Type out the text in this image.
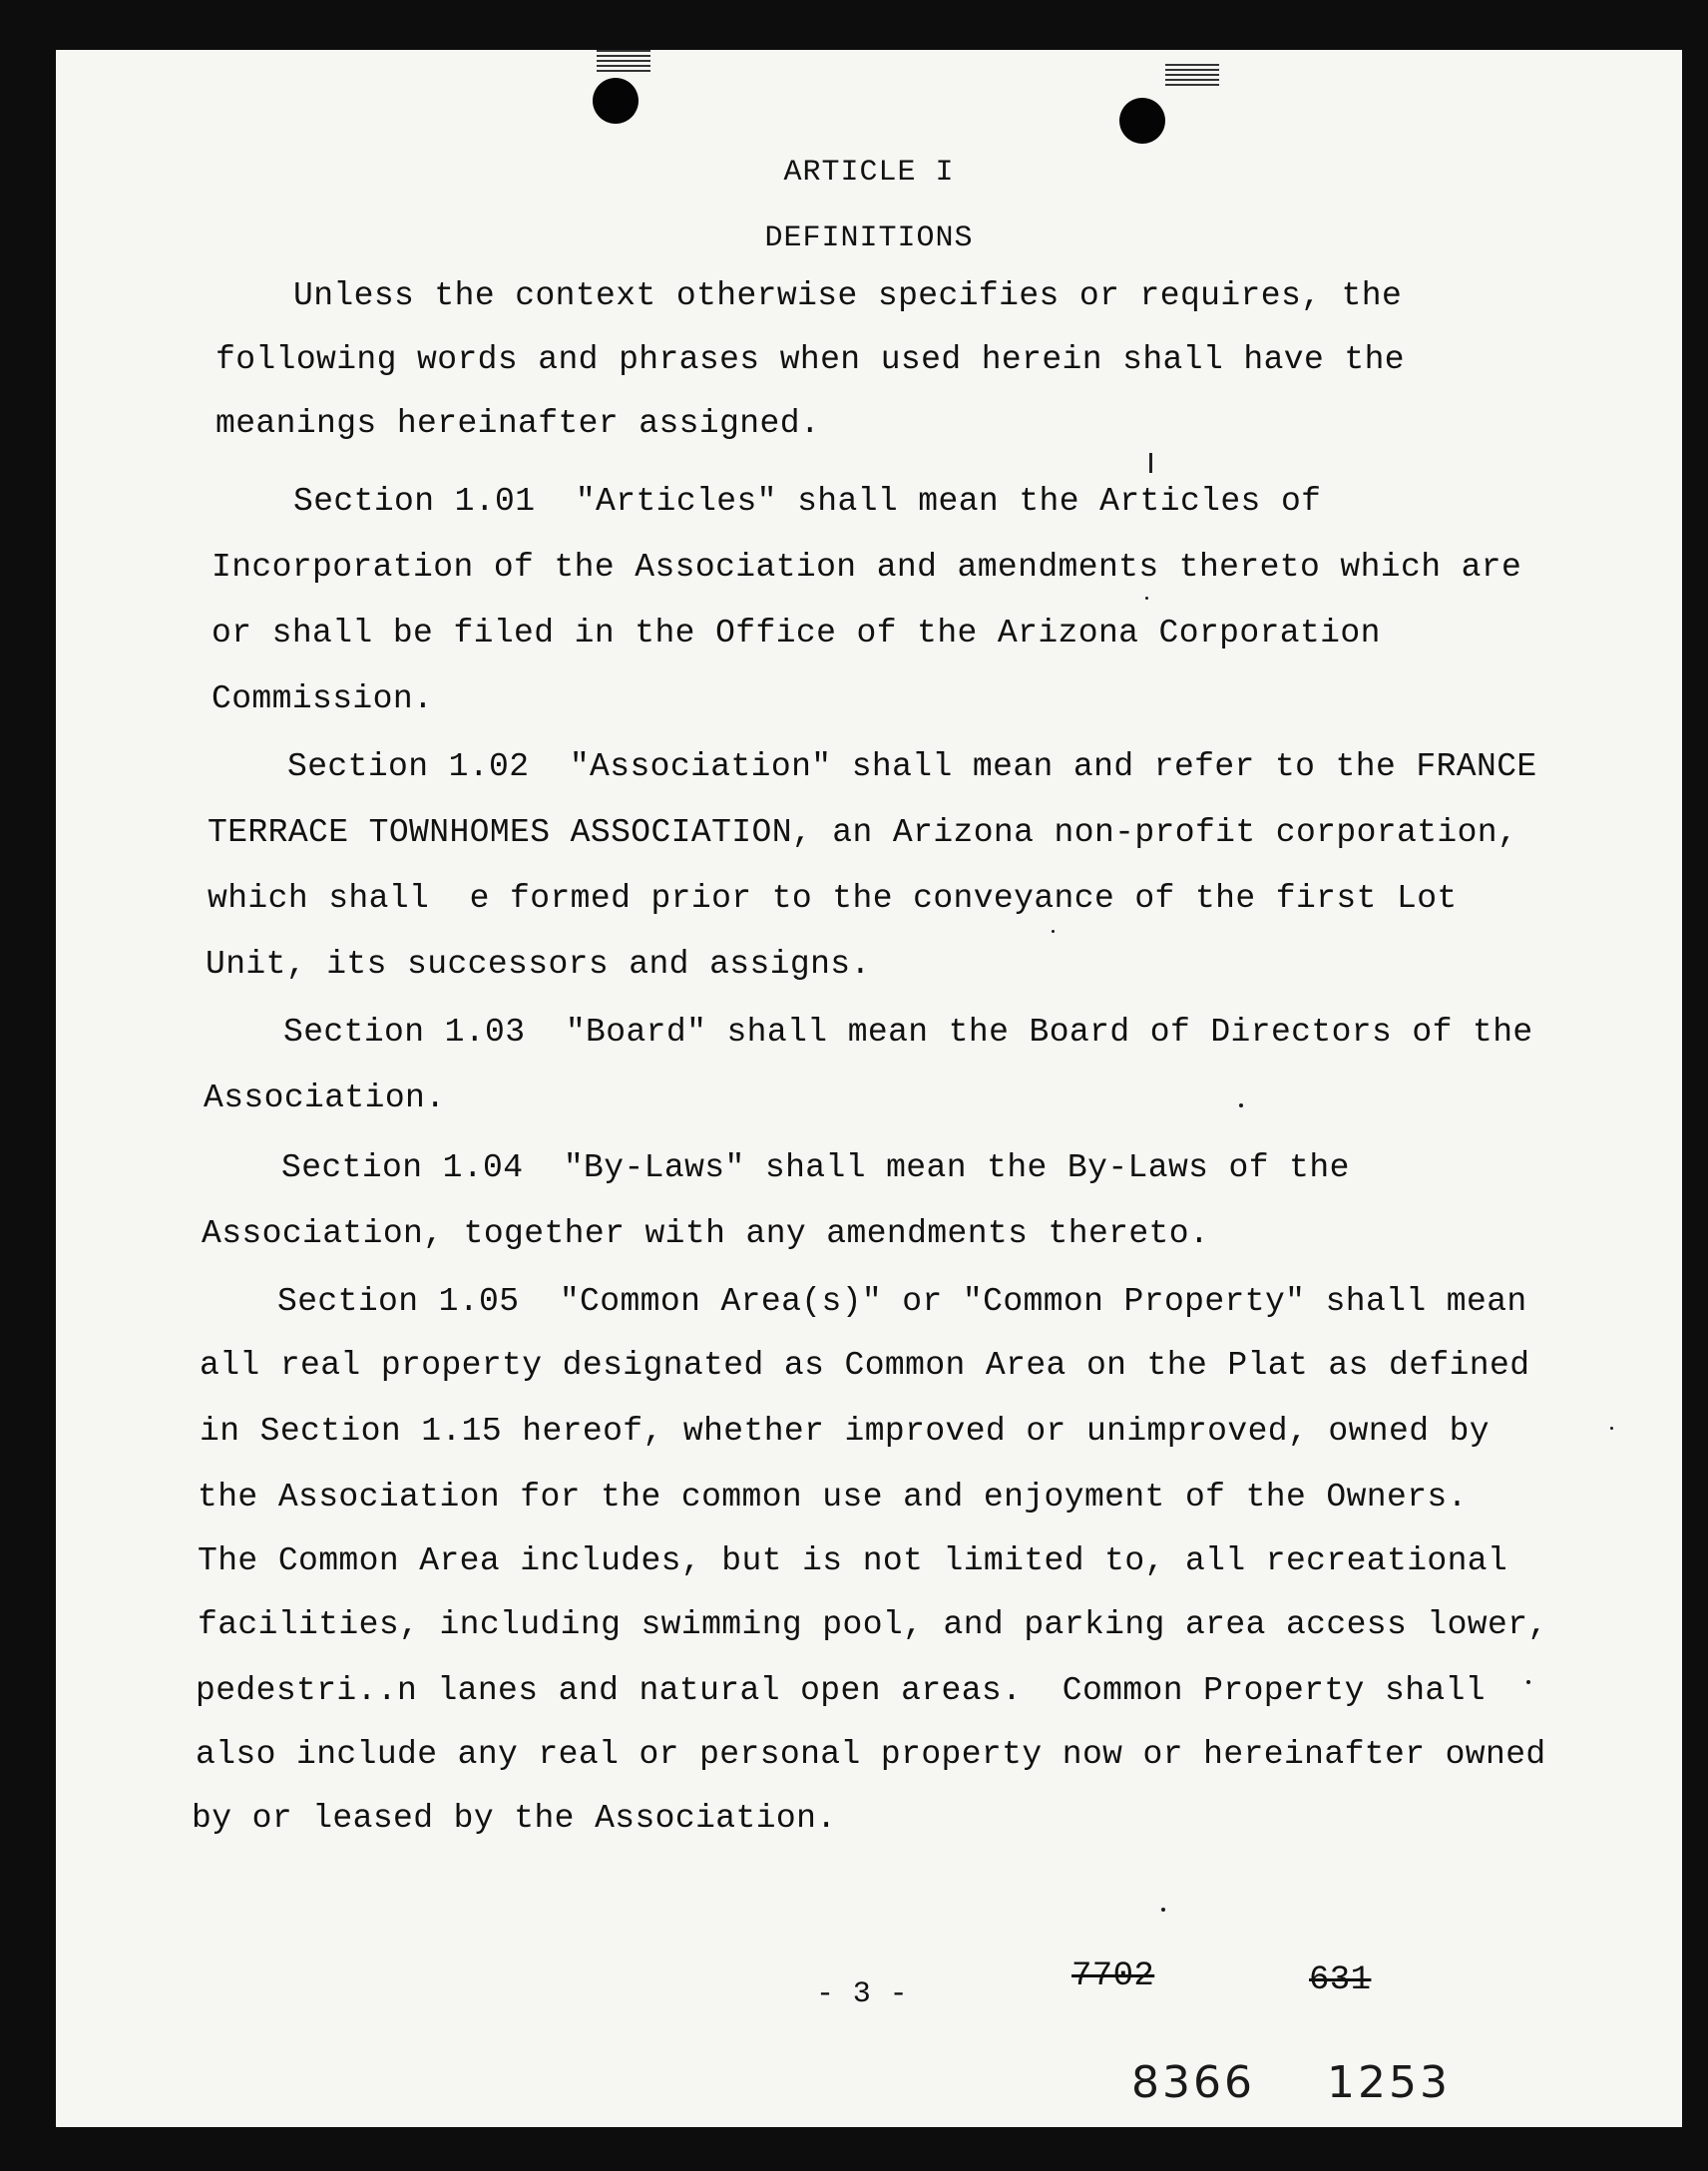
ARTICLE I
DEFINITIONS
Unless the context otherwise specifies or requires, the
following words and phrases when used herein shall have the
meanings hereinafter assigned.
Section 1.01  "Articles" shall mean the Articles of
Incorporation of the Association and amendments thereto which are
or shall be filed in the Office of the Arizona Corporation
Commission.
Section 1.02  "Association" shall mean and refer to the FRANCE
TERRACE TOWNHOMES ASSOCIATION, an Arizona non-profit corporation,
which shall  e formed prior to the conveyance of the first Lot
Unit, its successors and assigns.
Section 1.03  "Board" shall mean the Board of Directors of the
Association.
Section 1.04  "By-Laws" shall mean the By-Laws of the
Association, together with any amendments thereto.
Section 1.05  "Common Area(s)" or "Common Property" shall mean
all real property designated as Common Area on the Plat as defined
in Section 1.15 hereof, whether improved or unimproved, owned by
the Association for the common use and enjoyment of the Owners.
The Common Area includes, but is not limited to, all recreational
facilities, including swimming pool, and parking area access lower,
pedestri..n lanes and natural open areas.  Common Property shall
also include any real or personal property now or hereinafter owned
by or leased by the Association.
- 3 -	7702	631
8366 1253
